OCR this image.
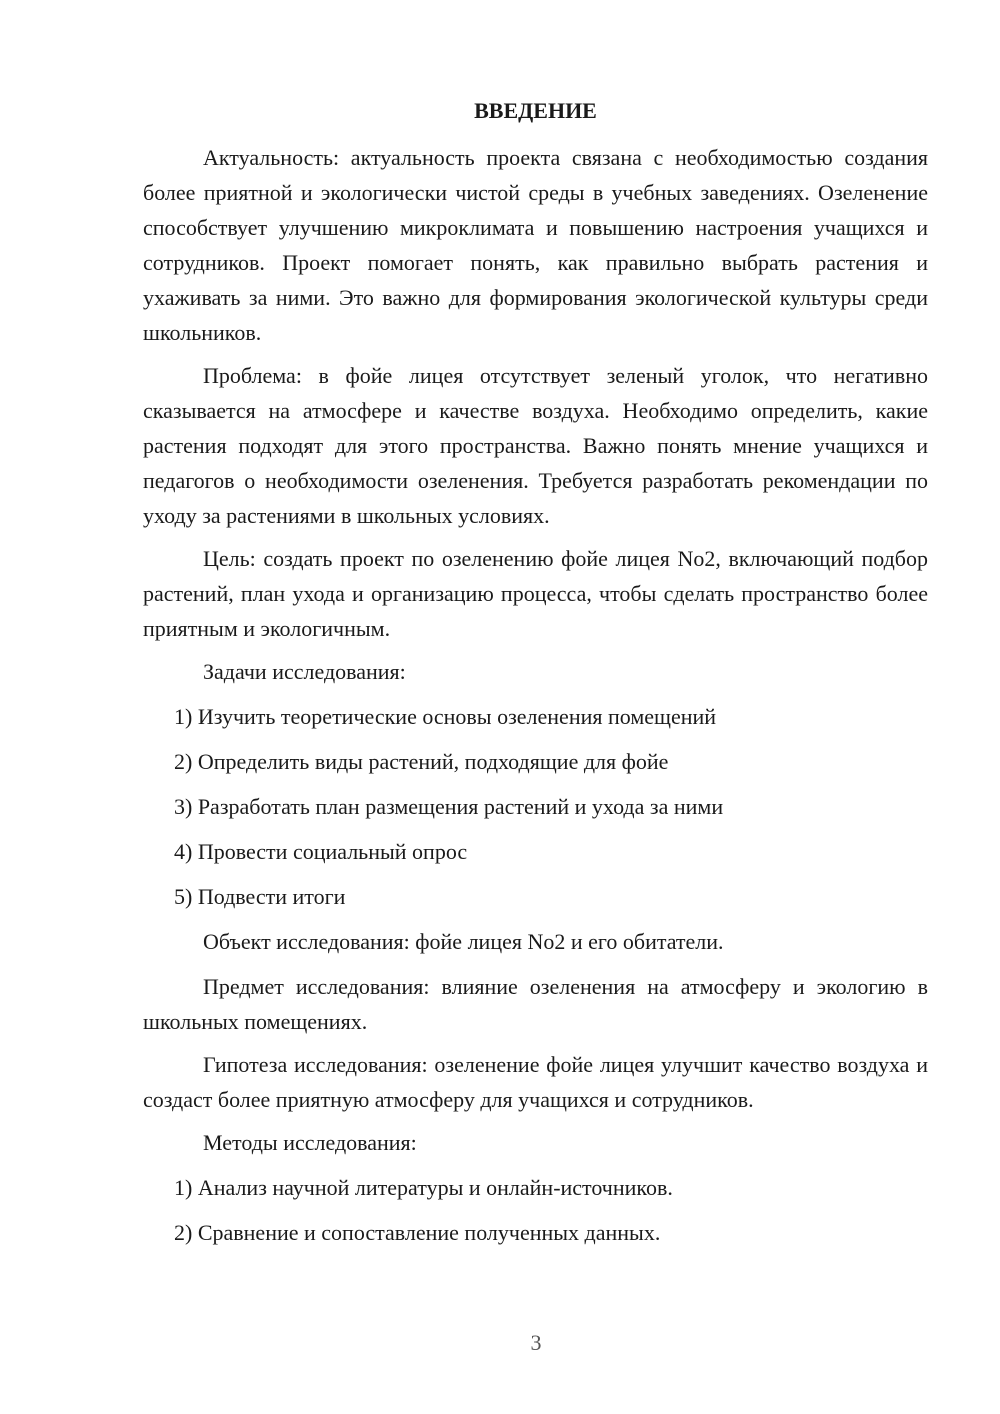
ВВЕДЕНИЕ

Актуальность: актуальность проекта связана с необходимостью создания более приятной и экологически чистой среды в учебных заведениях. Озеленение способствует улучшению микроклимата и повышению настроения учащихся и сотрудников. Проект помогает понять, как правильно выбрать растения и ухаживать за ними. Это важно для формирования экологической культуры среди школьников.

Проблема: в фойе лицея отсутствует зеленый уголок, что негативно сказывается на атмосфере и качестве воздуха. Необходимо определить, какие растения подходят для этого пространства. Важно понять мнение учащихся и педагогов о необходимости озеленения. Требуется разработать рекомендации по уходу за растениями в школьных условиях.

Цель: создать проект по озеленению фойе лицея No2, включающий подбор растений, план ухода и организацию процесса, чтобы сделать пространство более приятным и экологичным.

Задачи исследования:

1) Изучить теоретические основы озеленения помещений
2) Определить виды растений, подходящие для фойе
3) Разработать план размещения растений и ухода за ними
4) Провести социальный опрос
5) Подвести итоги

Объект исследования: фойе лицея No2 и его обитатели.

Предмет исследования: влияние озеленения на атмосферу и экологию в школьных помещениях.

Гипотеза исследования: озеленение фойе лицея улучшит качество воздуха и создаст более приятную атмосферу для учащихся и сотрудников.

Методы исследования:

1) Анализ научной литературы и онлайн-источников.
2) Сравнение и сопоставление полученных данных.
3
